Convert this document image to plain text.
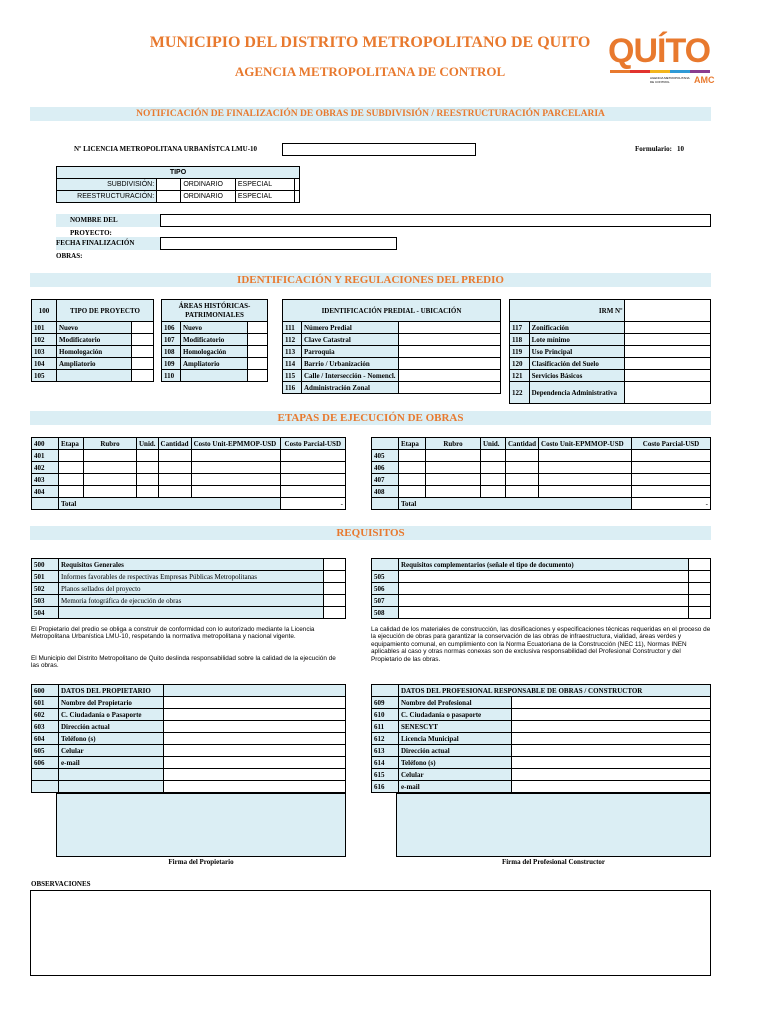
MUNICIPIO DEL DISTRITO METROPOLITANO DE QUITO
AGENCIA METROPOLITANA DE CONTROL
QUÍTO
AGENCIA METROPOLITANA DE CONTROL	AMC
NOTIFICACIÓN DE FINALIZACIÓN DE OBRAS DE SUBDIVISIÓN / REESTRUCTURACIÓN PARCELARIA
Nº LICENCIA METROPOLITANA URBANÍSTCA LMU-10	Formulario: 10
TIPO				
SUBDIVISIÓN:		ORDINARIO	ESPECIAL	
REESTRUCTURACIÓN:		ORDINARIO	ESPECIAL	
NOMBRE DEL PROYECTO:
FECHA FINALIZACIÓN OBRAS:
IDENTIFICACIÓN Y REGULACIONES DEL PREDIO
100	TIPO DE PROYECTO	
101	Nuevo	
102	Modificatorio	
103	Homologación	
104	Ampliatorio	
105		
ÁREAS HISTÓRICAS-PATRIMONIALES		
106	Nuevo	
107	Modificatorio	
108	Homologación	
109	Ampliatorio	
110		
IDENTIFICACIÓN PREDIAL - UBICACIÓN		
111	Número Predial	
112	Clave Catastral	
113	Parroquia	
114	Barrio / Urbanización	
115	Calle / Intersección - Nomencl.	
116	Administración Zonal	
IRM Nº		
117	Zonificación	
118	Lote mínimo	
119	Uso Principal	
120	Clasificación del Suelo	
121	Servicios Básicos	
122	Dependencia Administrativa	
ETAPAS DE EJECUCIÓN DE OBRAS
400	Etapa	Rubro	Unid.	Cantidad	Costo Unit-EPMMOP-USD	Costo Parcial-USD
401						
402						
403						
404						
	Total					-
	Etapa	Rubro	Unid.	Cantidad	Costo Unit-EPMMOP-USD	Costo Parcial-USD
405						
406						
407						
408						
	Total					-
REQUISITOS
500	Requisitos Generales	
501	Informes favorables de respectivas Empresas Públicas Metropolitanas	
502	Planos sellados del proyecto	
503	Memoria fotográfica de ejecución de obras	
504		
	Requisitos complementarios (señale el tipo de documento)	
505		
506		
507		
508		
El Propietario del predio se obliga a construir de conformidad con lo autorizado mediante la Licencia Metropolitana Urbanística LMU-10, respetando la normativa metropolitana y nacional vigente.
El Municipio del Distrito Metropolitano de Quito deslinda responsabilidad sobre la calidad de la ejecución de las obras.
La calidad de los materiales de construcción, las dosificaciones y especificaciones técnicas requeridas en el proceso de la ejecución de obras para garantizar la conservación de las obras de infraestructura, vialidad, áreas verdes y equipamiento comunal, en cumplimiento con la Norma Ecuatoriana de la Construcción (NEC 11), Normas INEN aplicables al caso y otras normas conexas son de exclusiva responsabilidad del Profesional Constructor y del Propietario de las obras.
600	DATOS DEL PROPIETARIO	
601	Nombre del Propietario	
602	C. Ciudadanía o Pasaporte	
603	Dirección actual	
604	Teléfono (s)	
605	Celular	
606	e-mail	

Firma del Propietario
	DATOS DEL PROFESIONAL RESPONSABLE DE OBRAS / CONSTRUCTOR	
609	Nombre del Profesional	
610	C. Ciudadanía o pasaporte	
611	SENESCYT	
612	Licencia Municipal	
613	Dirección actual	
614	Teléfono (s)	
615	Celular	
616	e-mail	
Firma del Profesional Constructor
OBSERVACIONES
